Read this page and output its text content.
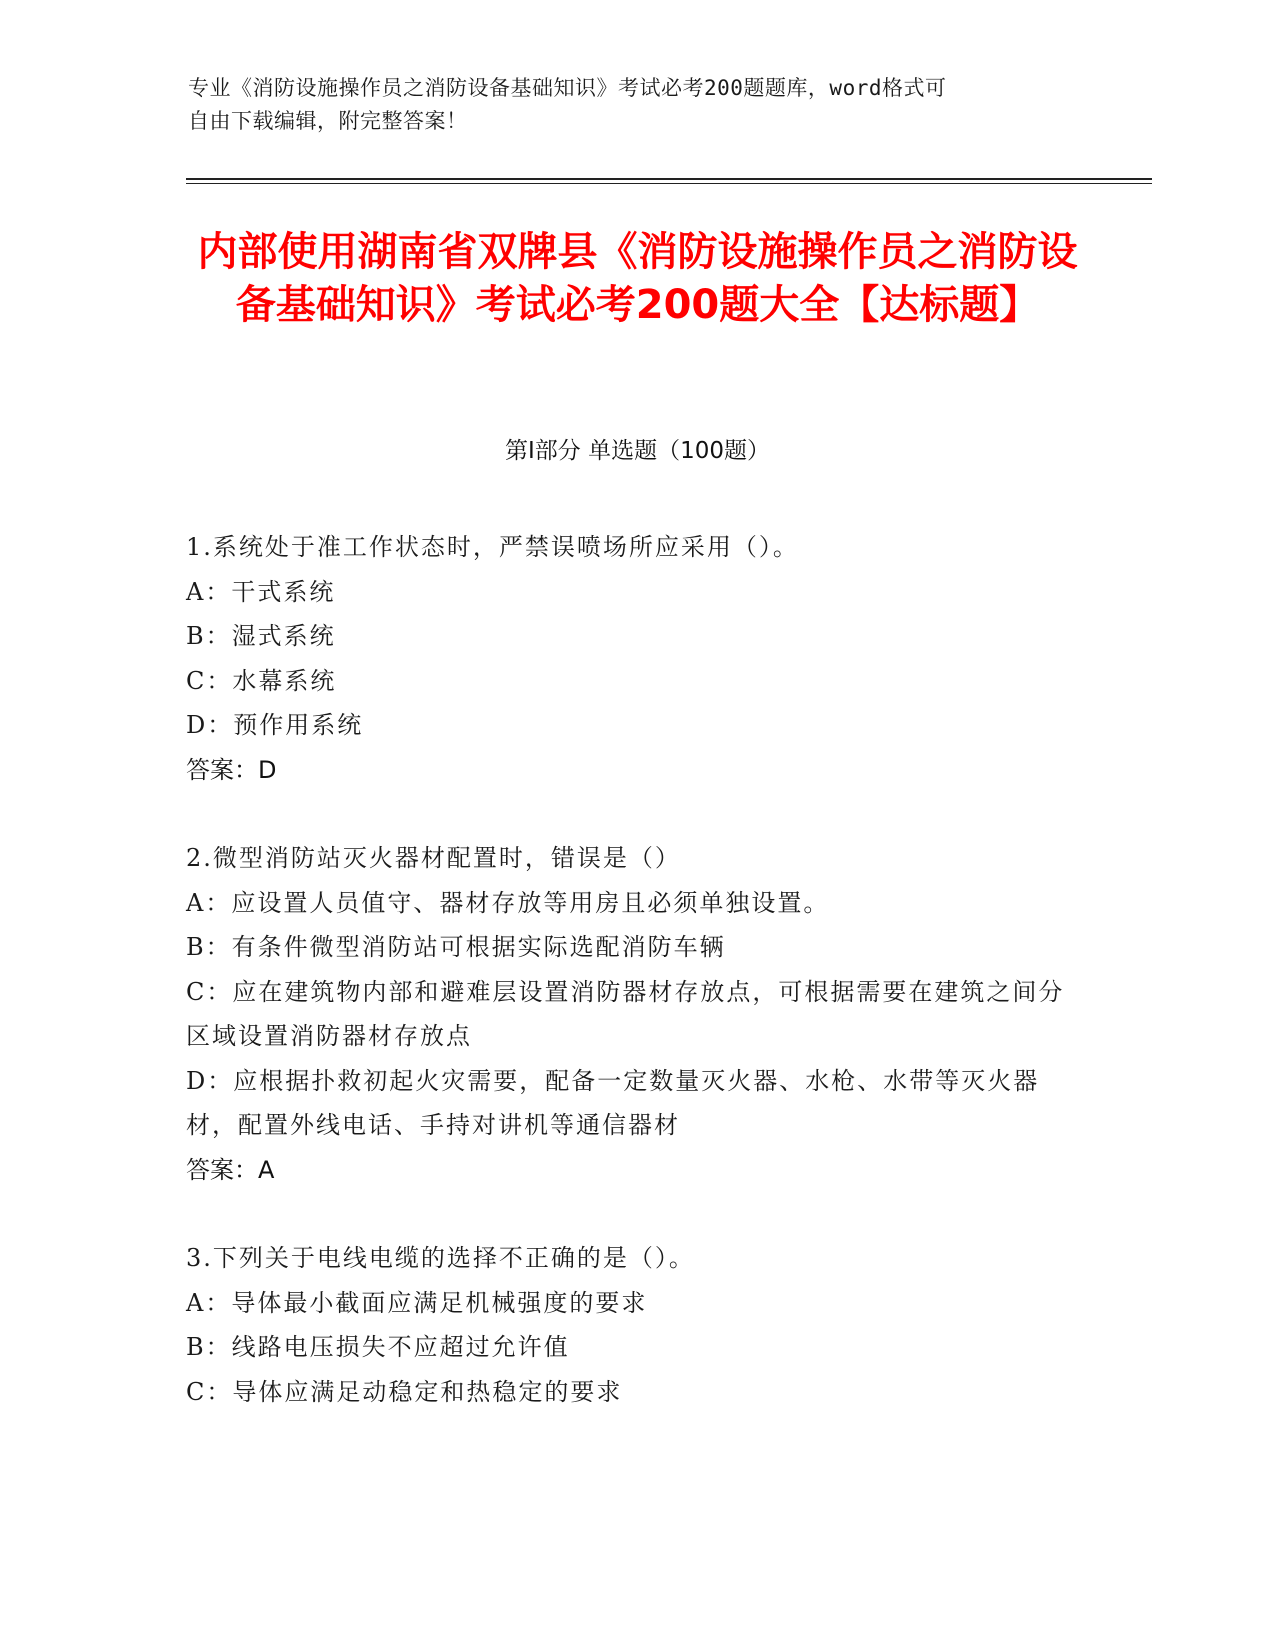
专业《消防设施操作员之消防设备基础知识》考试必考200题题库，word格式可
自由下载编辑，附完整答案！
内部使用湖南省双牌县《消防设施操作员之消防设备基础知识》考试必考200题大全【达标题】
第I部分 单选题（100题）

1.系统处于准工作状态时，严禁误喷场所应采用（）。

A：干式系统

B：湿式系统

C：水幕系统

D：预作用系统

答案：D

2.微型消防站灭火器材配置时，错误是（）

A：应设置人员值守、器材存放等用房且必须单独设置。

B：有条件微型消防站可根据实际选配消防车辆

C：应在建筑物内部和避难层设置消防器材存放点，可根据需要在建筑之间分区域设置消防器材存放点

D：应根据扑救初起火灾需要，配备一定数量灭火器、水枪、水带等灭火器材，配置外线电话、手持对讲机等通信器材

答案：A

3.下列关于电线电缆的选择不正确的是（）。

A：导体最小截面应满足机械强度的要求

B：线路电压损失不应超过允许值

C：导体应满足动稳定和热稳定的要求
